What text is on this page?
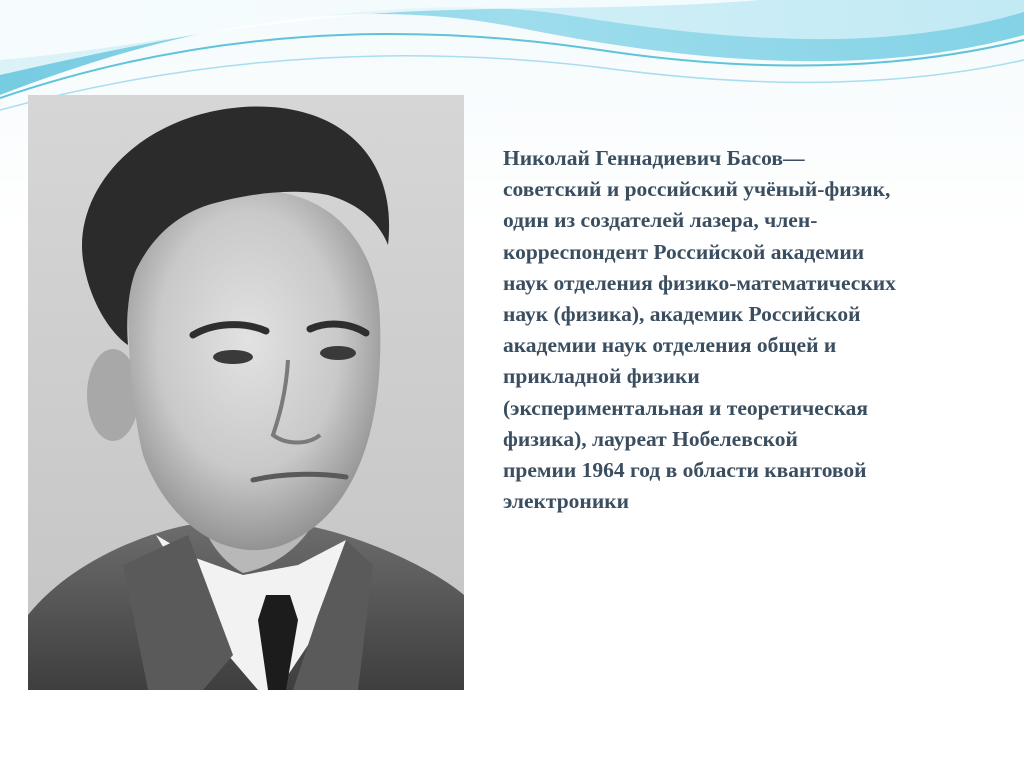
Николай Геннадиевич Басов—
советский и российский учёный-физик,
один из создателей лазера, член-
корреспондент Российской академии
наук отделения физико-математических
наук (физика), академик Российской
академии наук отделения общей и
прикладной физики
(экспериментальная и теоретическая
физика), лауреат Нобелевской
премии 1964 год в области квантовой
электроники
